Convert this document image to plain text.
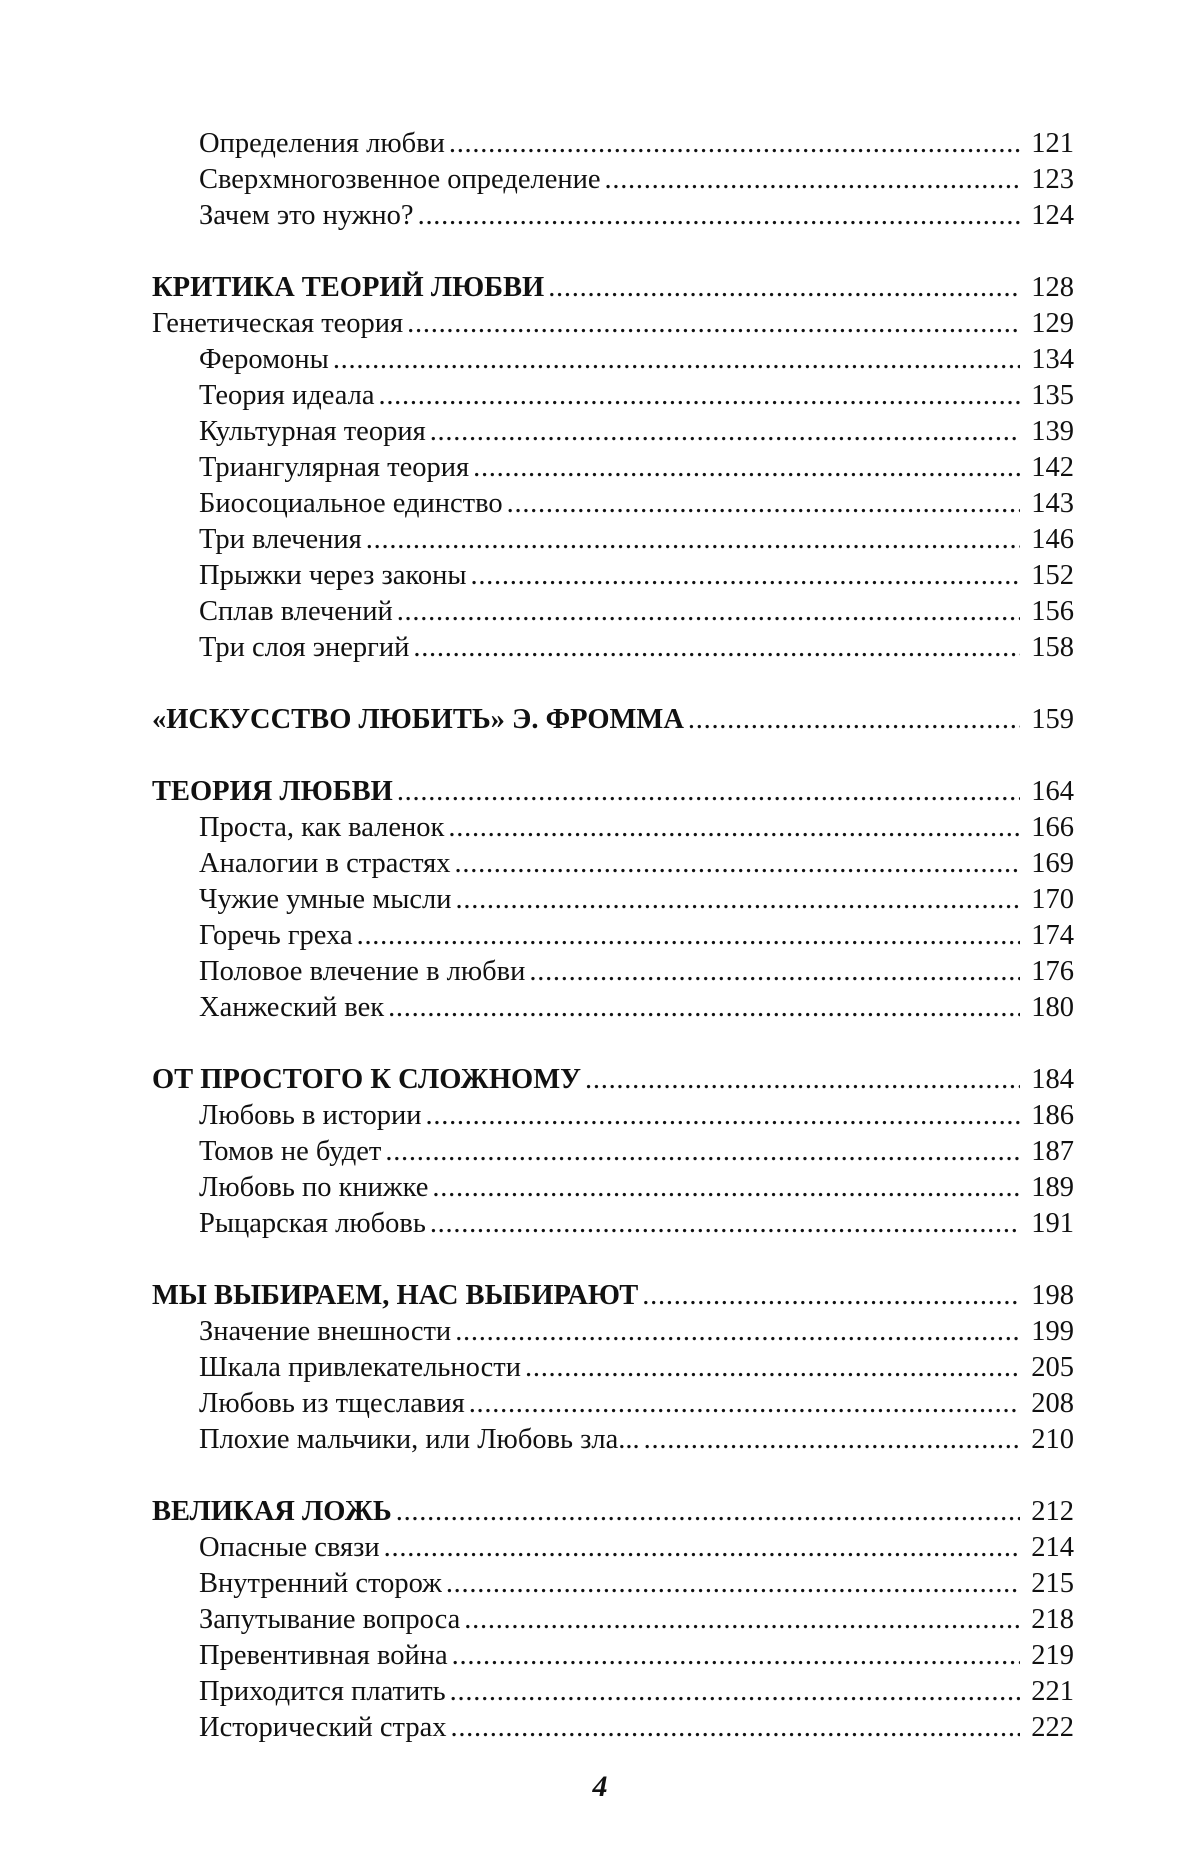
Определения любви . . .	121
Сверхмногозвенное определение . . .	123
Зачем это нужно? . . .	124
КРИТИКА ТЕОРИЙ ЛЮБВИ . . .	128
Генетическая теория . . .	129
Феромоны . . .	134
Теория идеала . . .	135
Культурная теория . . .	139
Триангулярная теория . . .	142
Биосоциальное единство . . .	143
Три влечения . . .	146
Прыжки через законы . . .	152
Сплав влечений . . .	156
Три слоя энергий . . .	158
«ИСКУССТВО ЛЮБИТЬ» Э. ФРОММА . . .	159
ТЕОРИЯ ЛЮБВИ . . .	164
Проста, как валенок . . .	166
Аналогии в страстях . . .	169
Чужие умные мысли . . .	170
Горечь греха . . .	174
Половое влечение в любви . . .	176
Ханжеский век . . .	180
ОТ ПРОСТОГО К СЛОЖНОМУ . . .	184
Любовь в истории . . .	186
Томов не будет . . .	187
Любовь по книжке . . .	189
Рыцарская любовь . . .	191
МЫ ВЫБИРАЕМ, НАС ВЫБИРАЮТ . . .	198
Значение внешности . . .	199
Шкала привлекательности . . .	205
Любовь из тщеславия . . .	208
Плохие мальчики, или Любовь зла... . . .	210
ВЕЛИКАЯ ЛОЖЬ . . .	212
Опасные связи . . .	214
Внутренний сторож . . .	215
Запутывание вопроса . . .	218
Превентивная война . . .	219
Приходится платить . . .	221
Исторический страх . . .	222
4
